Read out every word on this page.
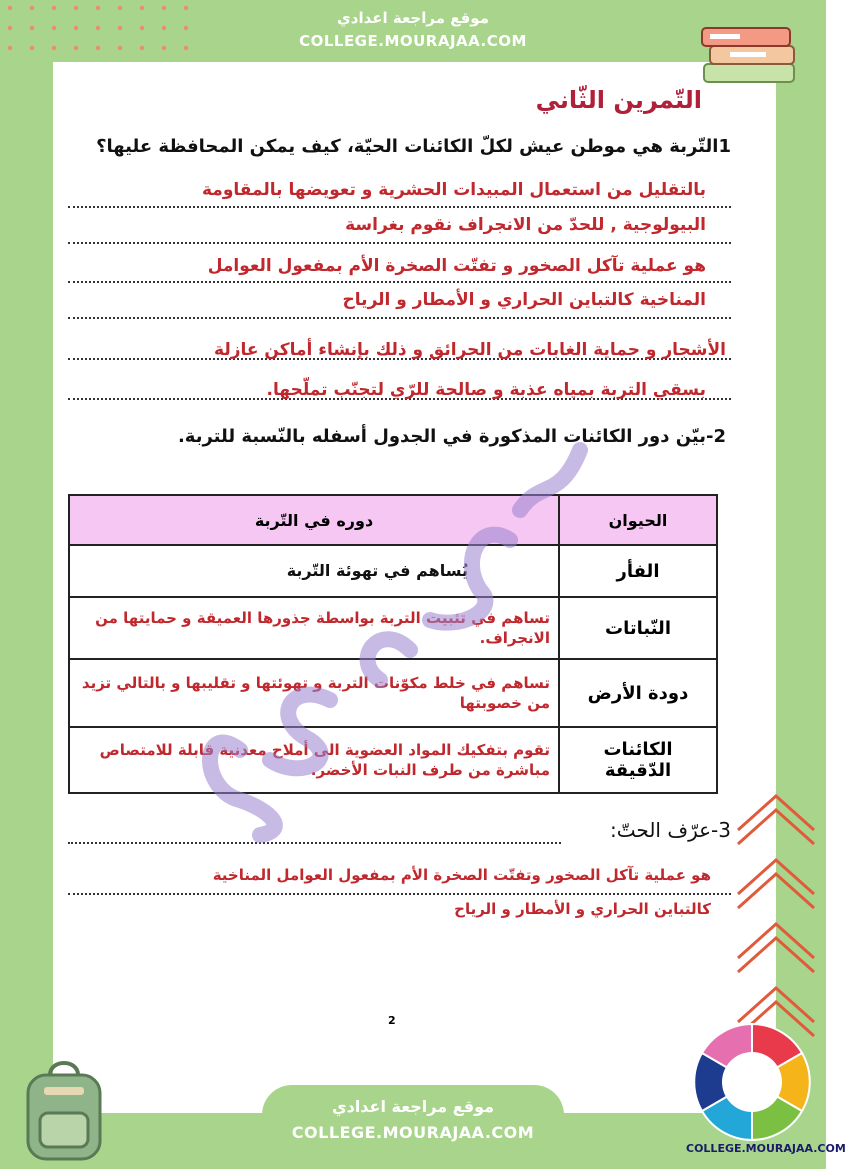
موقع مراجعة اعدادي
COLLEGE.MOURAJAA.COM
التّمرين الثّاني
1التّربة هي موطن عيش لكلّ الكائنات الحيّة، كيف يمكن المحافظة عليها؟
بالتقليل من استعمال المبيدات الحشرية و تعويضها بالمقاومة
البيولوجية , للحدّ من الانجراف نقوم بغراسة
هو عملية تآكل الصخور و تفتّت الصخرة الأم بمفعول العوامل
المناخية كالتباين الحراري و الأمطار و الرياح
الأشجار و حماية الغابات من الحرائق و ذلك بإنشاء أماكن عازلة
بسقي التربة بمياه عذبة و صالحة للرّي لتجنّب تملّحها.
2-بيّن دور الكائنات المذكورة في الجدول أسفله بالنّسبة للتربة.
الحيوان	دوره في التّربة
الفأر	يُساهم في تهوئة التّربة
النّباتات	تساهم في تثبيت التربة بواسطة جذورها العميقة و حمايتها من الانجراف.
دودة الأرض	تساهم في خلط مكوّنات التربة و تهوئتها و تقليبها و بالتالي تزيد من خصوبتها
الكائنات الدّقيقة	تقوم بتفكيك المواد العضوية الى أملاح معدنية قابلة للامتصاص مباشرة من طرف النبات الأخضر.
3-عرّف الحتّ:
هو عملية تآكل الصخور وتفتّت الصخرة الأم بمفعول العوامل المناخية
كالتباين الحراري و الأمطار و الرياح
2
موقع مراجعة اعدادي
COLLEGE.MOURAJAA.COM
COLLEGE.MOURAJAA.COM
